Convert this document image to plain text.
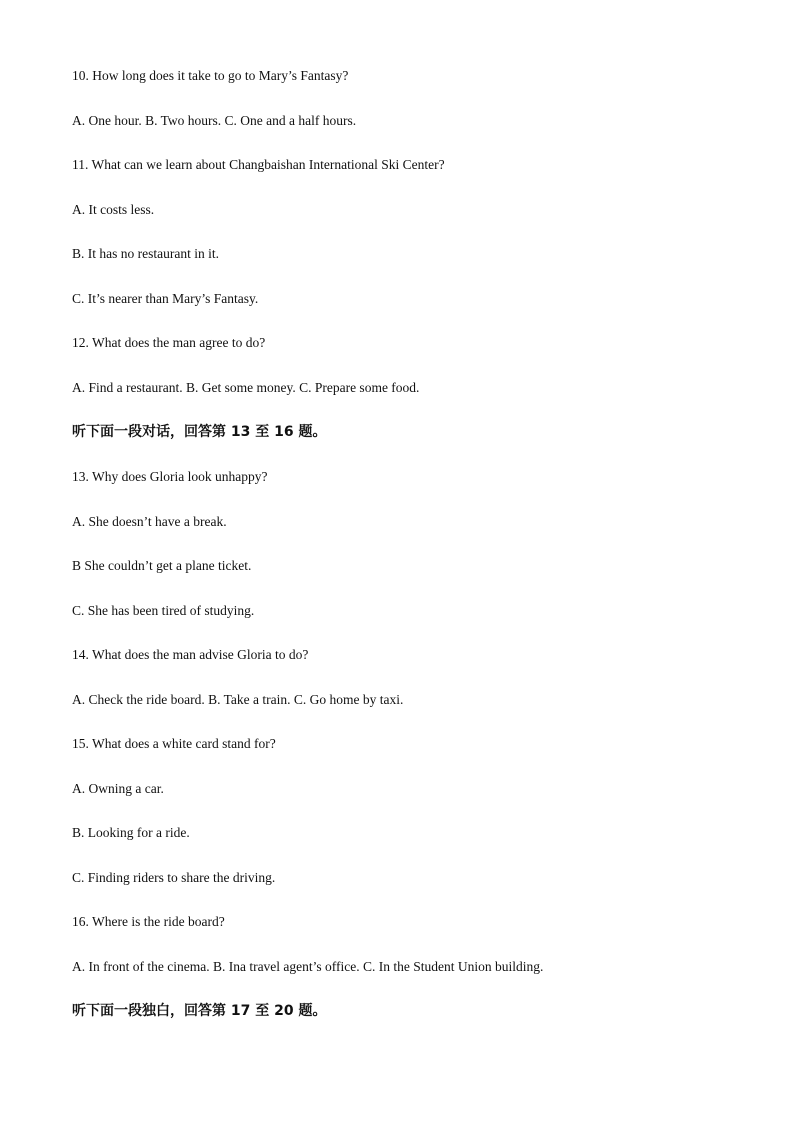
10. How long does it take to go to Mary’s Fantasy?
A. One hour. B. Two hours. C. One and a half hours.
11. What can we learn about Changbaishan International Ski Center?
A. It costs less.
B. It has no restaurant in it.
C. It’s nearer than Mary’s Fantasy.
12. What does the man agree to do?
A. Find a restaurant. B. Get some money. C. Prepare some food.
听下面一段对话，回答第 13 至 16 题。
13. Why does Gloria look unhappy?
A. She doesn’t have a break.
B She couldn’t get a plane ticket.
C. She has been tired of studying.
14. What does the man advise Gloria to do?
A. Check the ride board. B. Take a train. C. Go home by taxi.
15. What does a white card stand for?
A. Owning a car.
B. Looking for a ride.
C. Finding riders to share the driving.
16. Where is the ride board?
A. In front of the cinema. B. Ina travel agent’s office. C. In the Student Union building.
听下面一段独白，回答第 17 至 20 题。
